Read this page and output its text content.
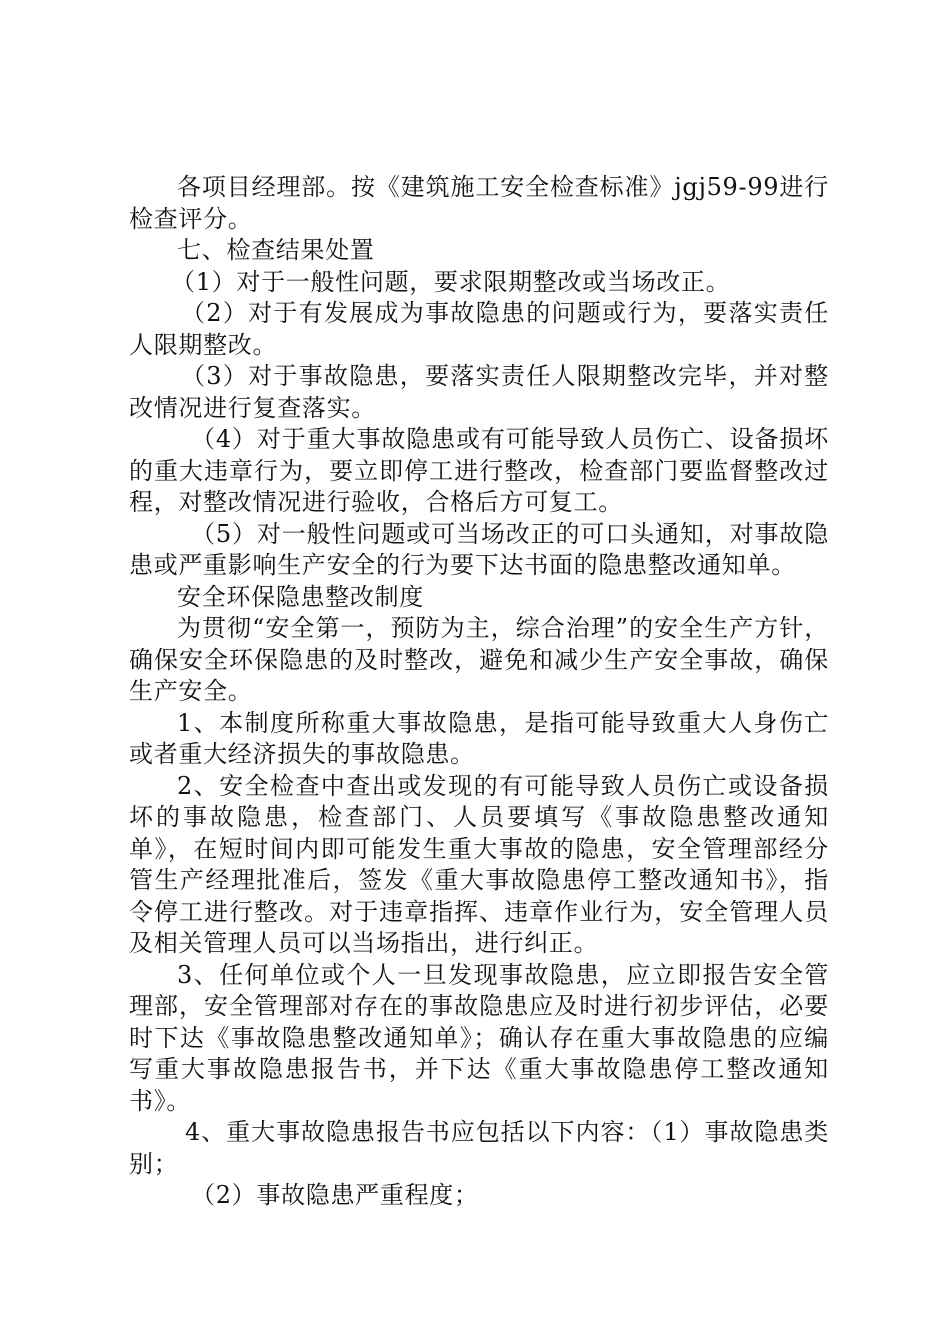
各项目经理部。按《建筑施工安全检查标准》jgj59-99进行检查评分。

七、检查结果处置

（1）对于一般性问题，要求限期整改或当场改正。

（2）对于有发展成为事故隐患的问题或行为，要落实责任人限期整改。

（3）对于事故隐患，要落实责任人限期整改完毕，并对整改情况进行复查落实。

（4）对于重大事故隐患或有可能导致人员伤亡、设备损坏的重大违章行为，要立即停工进行整改，检查部门要监督整改过程，对整改情况进行验收，合格后方可复工。

（5）对一般性问题或可当场改正的可口头通知，对事故隐患或严重影响生产安全的行为要下达书面的隐患整改通知单。

安全环保隐患整改制度

为贯彻“安全第一，预防为主，综合治理”的安全生产方针，确保安全环保隐患的及时整改，避免和减少生产安全事故，确保生产安全。

1、本制度所称重大事故隐患，是指可能导致重大人身伤亡或者重大经济损失的事故隐患。

2、安全检查中查出或发现的有可能导致人员伤亡或设备损坏的事故隐患，检查部门、人员要填写《事故隐患整改通知单》，在短时间内即可能发生重大事故的隐患，安全管理部经分管生产经理批准后，签发《重大事故隐患停工整改通知书》，指令停工进行整改。对于违章指挥、违章作业行为，安全管理人员及相关管理人员可以当场指出，进行纠正。

3、任何单位或个人一旦发现事故隐患，应立即报告安全管理部，安全管理部对存在的事故隐患应及时进行初步评估，必要时下达《事故隐患整改通知单》；确认存在重大事故隐患的应编写重大事故隐患报告书，并下达《重大事故隐患停工整改通知书》。

4、重大事故隐患报告书应包括以下内容：（1）事故隐患类别；

（2）事故隐患严重程度；
